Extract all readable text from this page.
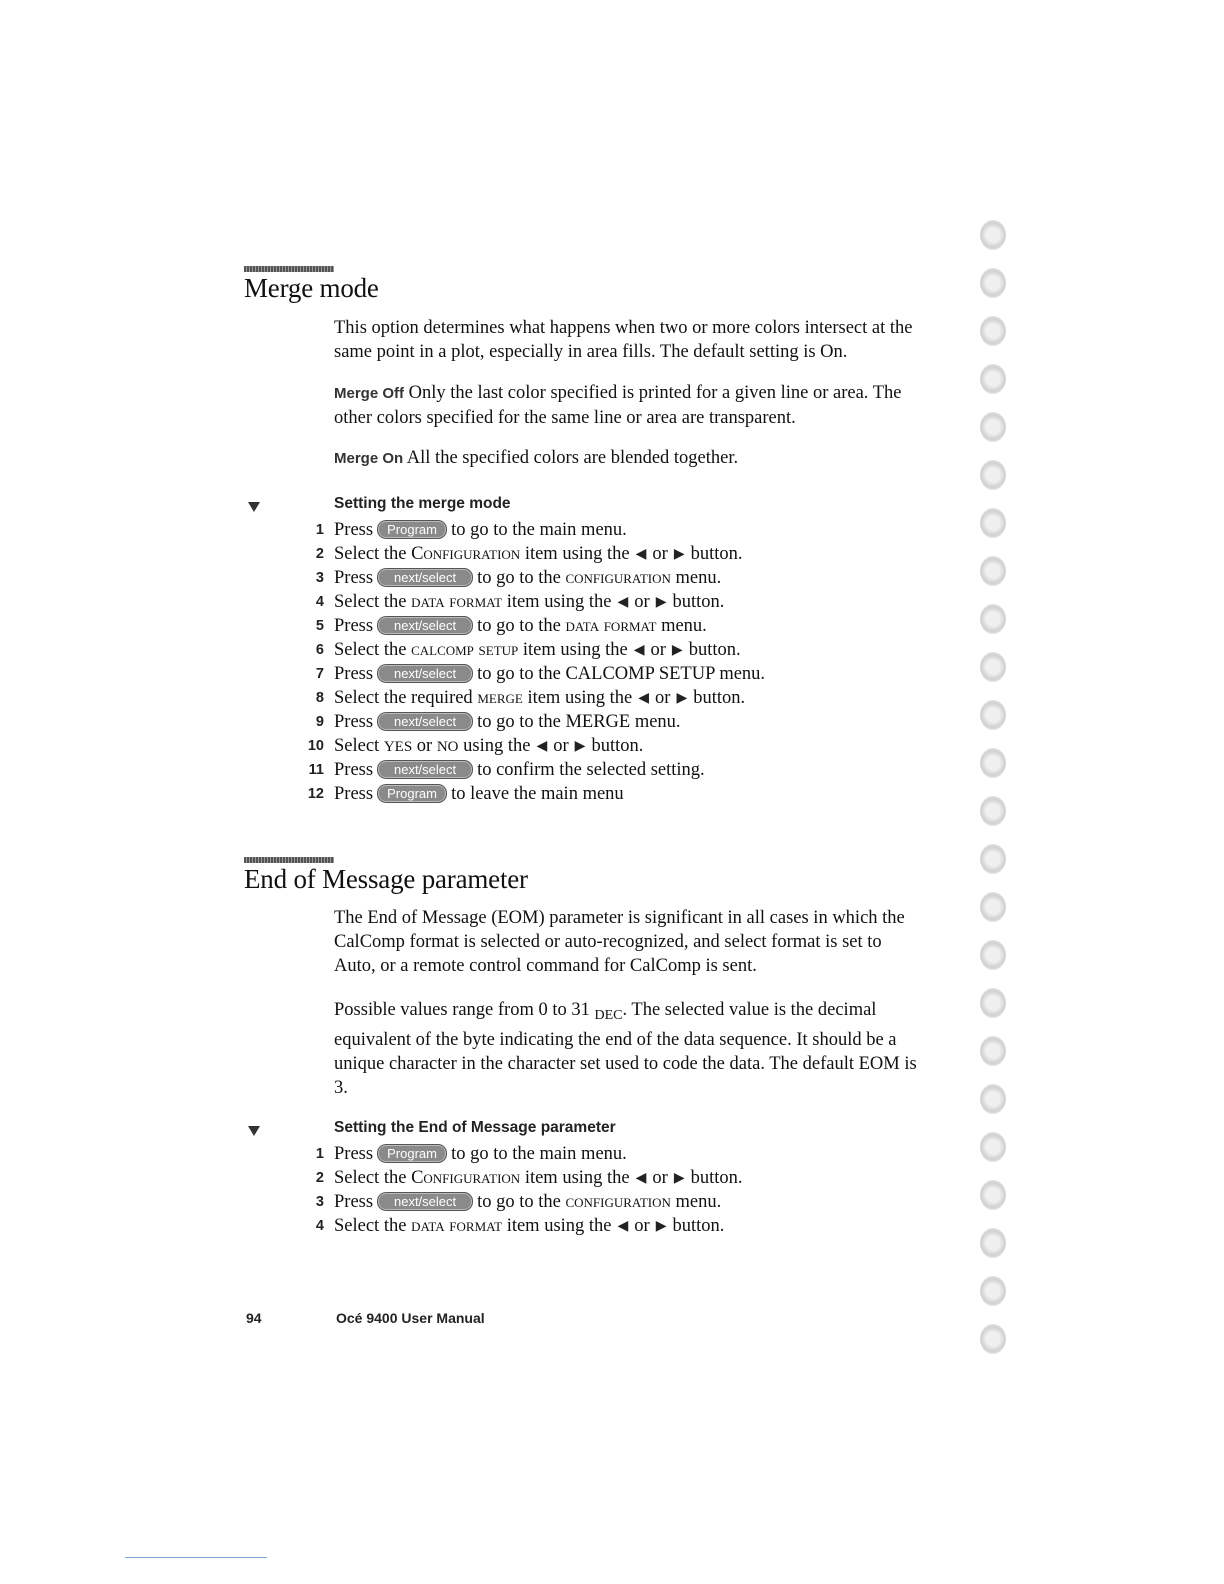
Merge mode

This option determines what happens when two or more colors intersect at the same point in a plot, especially in area fills. The default setting is On.

Merge Off Only the last color specified is printed for a given line or area. The other colors specified for the same line or area are transparent.

Merge On All the specified colors are blended together.

Setting the merge mode
1 Press Program to go to the main menu.
2 Select the Configuration item using the ◀ or ▶ button.
3 Press next/select to go to the configuration menu.
4 Select the data format item using the ◀ or ▶ button.
5 Press next/select to go to the data format menu.
6 Select the calcomp setup item using the ◀ or ▶ button.
7 Press next/select to go to the CALCOMP SETUP menu.
8 Select the required merge item using the ◀ or ▶ button.
9 Press next/select to go to the MERGE menu.
10 Select YES or NO using the ◀ or ▶ button.
11 Press next/select to confirm the selected setting.
12 Press Program to leave the main menu
End of Message parameter

The End of Message (EOM) parameter is significant in all cases in which the CalComp format is selected or auto-recognized, and select format is set to Auto, or a remote control command for CalComp is sent.

Possible values range from 0 to 31 $_{DEC}$. The selected value is the decimal equivalent of the byte indicating the end of the data sequence. It should be a unique character in the character set used to code the data. The default EOM is 3.

Setting the End of Message parameter
1 Press Program to go to the main menu.
2 Select the Configuration item using the ◀ or ▶ button.
3 Press next/select to go to the configuration menu.
4 Select the data format item using the ◀ or ▶ button.

94	Océ 9400 User Manual
